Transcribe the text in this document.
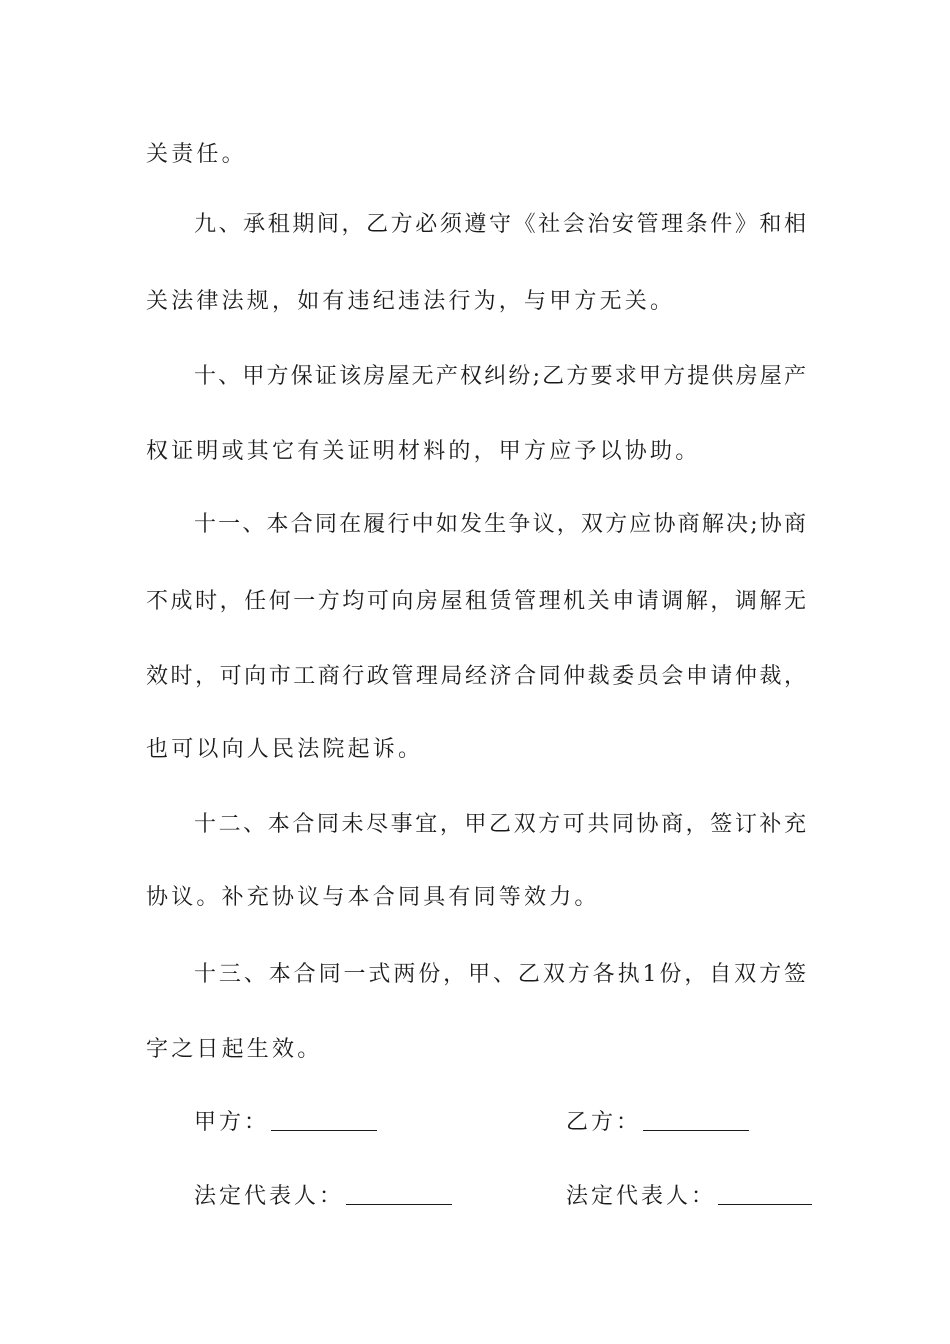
关责任。
九、承租期间，乙方必须遵守《社会治安管理条件》和相
关法律法规，如有违纪违法行为，与甲方无关。
十、甲方保证该房屋无产权纠纷;乙方要求甲方提供房屋产
权证明或其它有关证明材料的，甲方应予以协助。
十一、本合同在履行中如发生争议，双方应协商解决;协商
不成时，任何一方均可向房屋租赁管理机关申请调解，调解无
效时，可向市工商行政管理局经济合同仲裁委员会申请仲裁，
也可以向人民法院起诉。
十二、本合同未尽事宜，甲乙双方可共同协商，签订补充
协议。补充协议与本合同具有同等效力。
十三、本合同一式两份，甲、乙双方各执1份，自双方签
字之日起生效。
甲方：	乙方：
法定代表人：	法定代表人：
